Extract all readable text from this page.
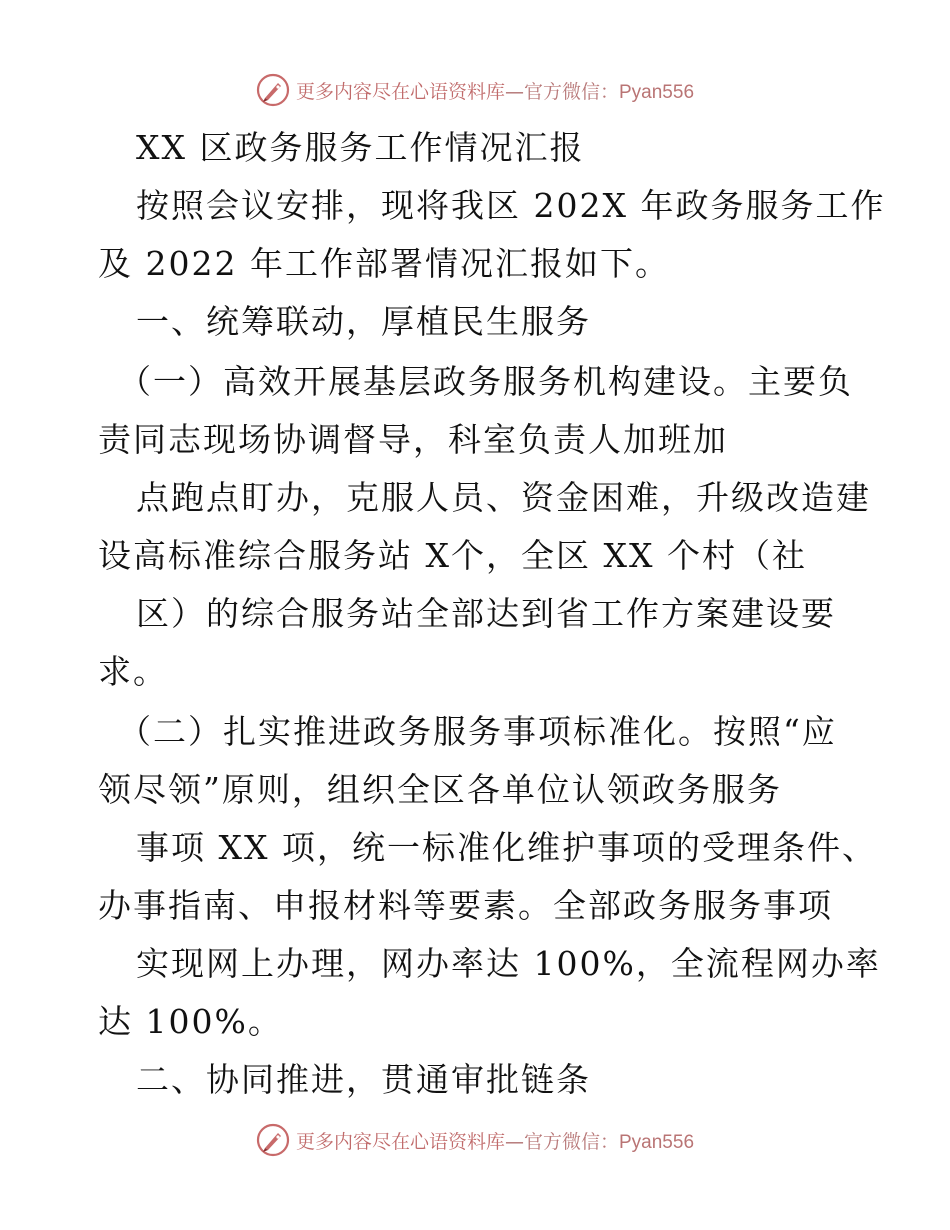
更多内容尽在心语资料库—官方微信：Pyan556
XX 区政务服务工作情况汇报
按照会议安排，现将我区 202X 年政务服务工作
及 2022 年工作部署情况汇报如下。
一、统筹联动，厚植民生服务
（一）高效开展基层政务服务机构建设。主要负
责同志现场协调督导，科室负责人加班加
点跑点盯办，克服人员、资金困难，升级改造建
设高标准综合服务站 X个，全区 XX 个村（社
区）的综合服务站全部达到省工作方案建设要
求。
（二）扎实推进政务服务事项标准化。按照“应
领尽领”原则，组织全区各单位认领政务服务
事项 XX 项，统一标准化维护事项的受理条件、
办事指南、申报材料等要素。全部政务服务事项
实现网上办理，网办率达 100%，全流程网办率
达 100%。
二、协同推进，贯通审批链条
更多内容尽在心语资料库—官方微信：Pyan556
